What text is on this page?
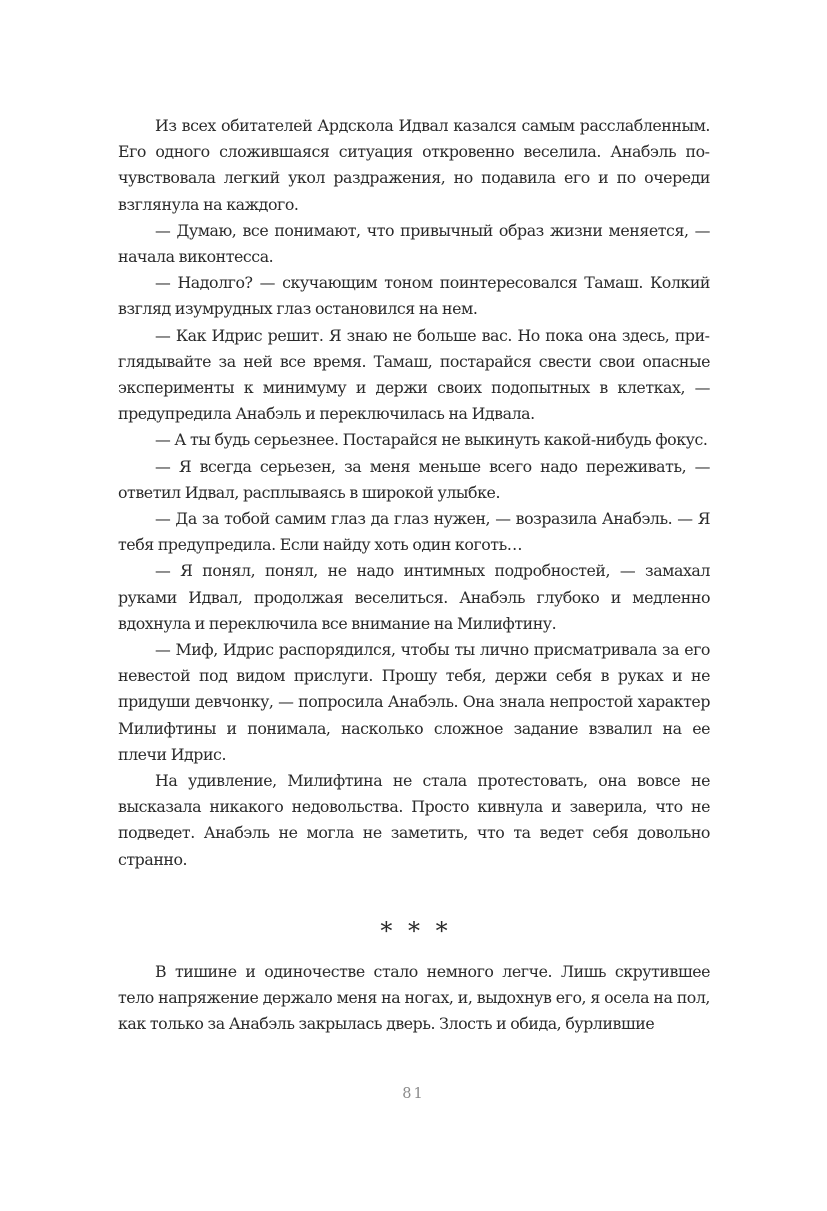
Из всех обитателей Ардскола Идвал казался самым расслабленным. Его одного сложившаяся ситуация откровенно веселила. Анабэль почувствовала легкий укол раздражения, но подавила его и по очереди взглянула на каждого.

— Думаю, все понимают, что привычный образ жизни меняется, — начала виконтесса.

— Надолго? — скучающим тоном поинтересовался Тамаш. Колкий взгляд изумрудных глаз остановился на нем.

— Как Идрис решит. Я знаю не больше вас. Но пока она здесь, приглядывайте за ней все время. Тамаш, постарайся свести свои опасные эксперименты к минимуму и держи своих подопытных в клетках, — предупредила Анабэль и переключилась на Идвала.

— А ты будь серьезнее. Постарайся не выкинуть какой-нибудь фокус.

— Я всегда серьезен, за меня меньше всего надо переживать, — ответил Идвал, расплываясь в широкой улыбке.

— Да за тобой самим глаз да глаз нужен, — возразила Анабэль. — Я тебя предупредила. Если найду хоть один коготь…

— Я понял, понял, не надо интимных подробностей, — замахал руками Идвал, продолжая веселиться. Анабэль глубоко и медленно вдохнула и переключила все внимание на Милифтину.

— Миф, Идрис распорядился, чтобы ты лично присматривала за его невестой под видом прислуги. Прошу тебя, держи себя в руках и не придуши девчонку, — попросила Анабэль. Она знала непростой характер Милифтины и понимала, насколько сложное задание взвалил на ее плечи Идрис.

На удивление, Милифтина не стала протестовать, она вовсе не высказала никакого недовольства. Просто кивнула и заверила, что не подведет. Анабэль не могла не заметить, что та ведет себя довольно странно.

* * *

В тишине и одиночестве стало немного легче. Лишь скрутившее тело напряжение держало меня на ногах, и, выдохнув его, я осела на пол, как только за Анабэль закрылась дверь. Злость и обида, бурлившие

81
